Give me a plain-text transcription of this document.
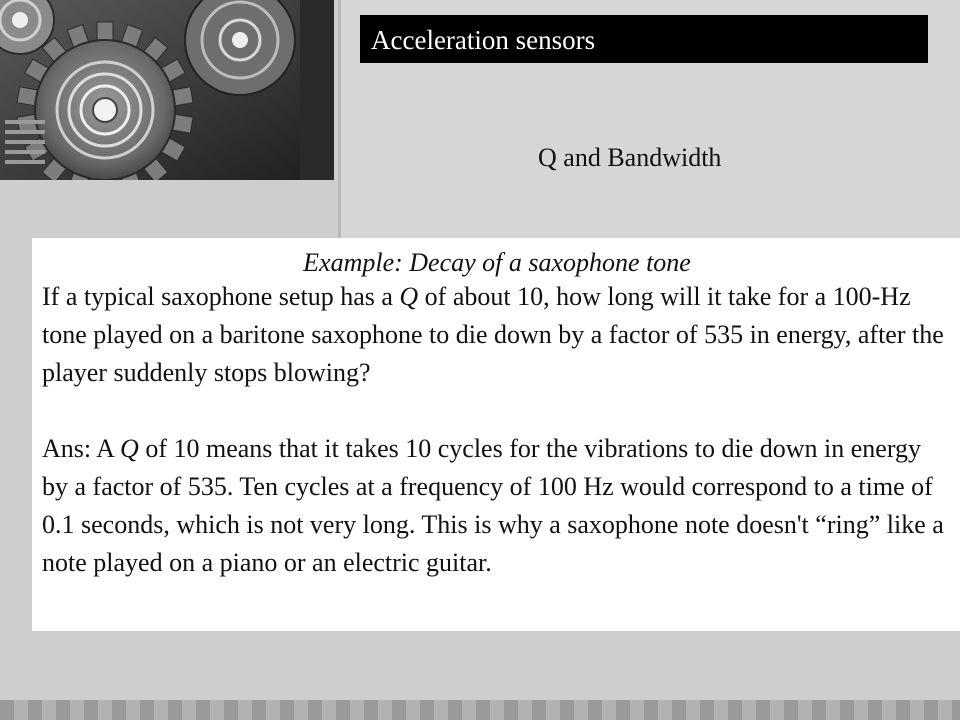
Acceleration sensors
Q and Bandwidth
Example: Decay of a saxophone tone
If a typical saxophone setup has a Q of about 10, how long will it take for a 100-Hz tone played on a baritone saxophone to die down by a factor of 535 in energy, after the player suddenly stops blowing?
Ans: A Q of 10 means that it takes 10 cycles for the vibrations to die down in energy by a factor of 535. Ten cycles at a frequency of 100 Hz would correspond to a time of 0.1 seconds, which is not very long. This is why a saxophone note doesn't “ring” like a note played on a piano or an electric guitar.
